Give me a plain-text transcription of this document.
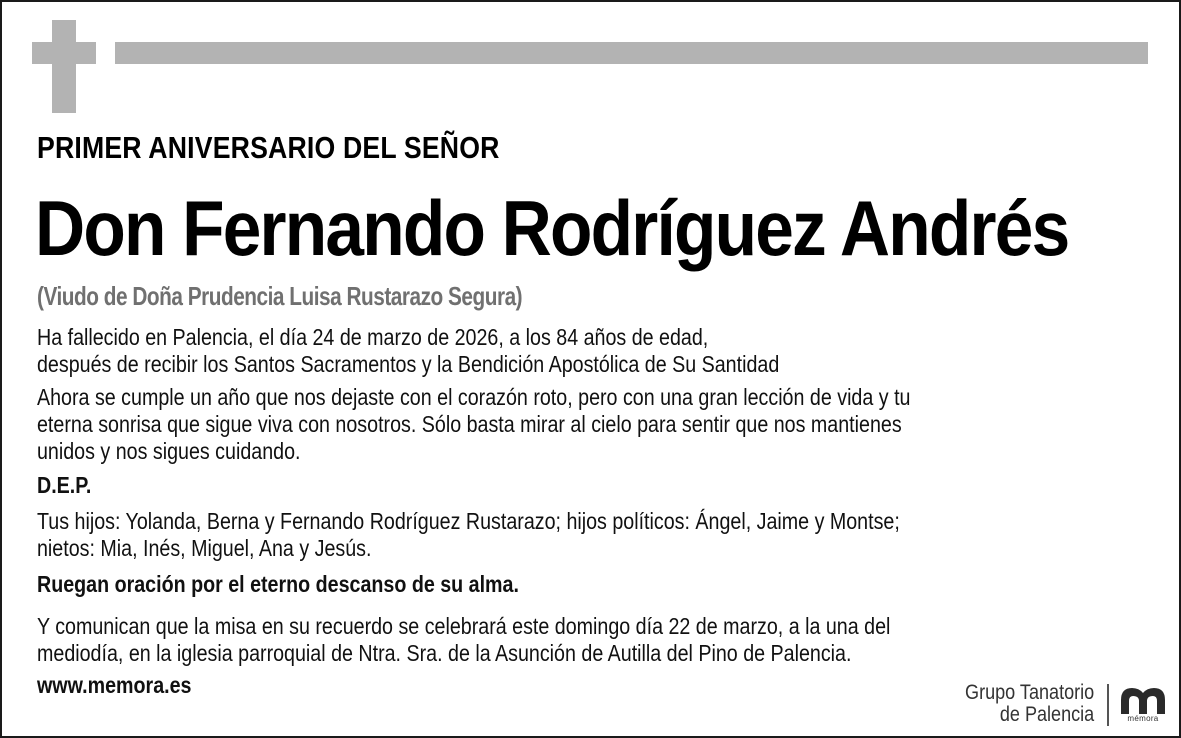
PRIMER ANIVERSARIO DEL SEÑOR
Don Fernando Rodríguez Andrés
(Viudo de Doña Prudencia Luisa Rustarazo Segura)
Ha fallecido en Palencia, el día 24 de marzo de 2026, a los 84 años de edad,
después de recibir los Santos Sacramentos y la Bendición Apostólica de Su Santidad
Ahora se cumple un año que nos dejaste con el corazón roto, pero con una gran lección de vida y tu
eterna sonrisa que sigue viva con nosotros. Sólo basta mirar al cielo para sentir que nos mantienes
unidos y nos sigues cuidando.
D.E.P.
Tus hijos: Yolanda, Berna y Fernando Rodríguez Rustarazo; hijos políticos: Ángel, Jaime y Montse;
nietos: Mia, Inés, Miguel, Ana y Jesús.
Ruegan oración por el eterno descanso de su alma.
Y comunican que la misa en su recuerdo se celebrará este domingo día 22 de marzo, a la una del
mediodía, en la iglesia parroquial de Ntra. Sra. de la Asunción de Autilla del Pino de Palencia.
www.memora.es	Grupo Tanatorio
de Palencia	mémora
